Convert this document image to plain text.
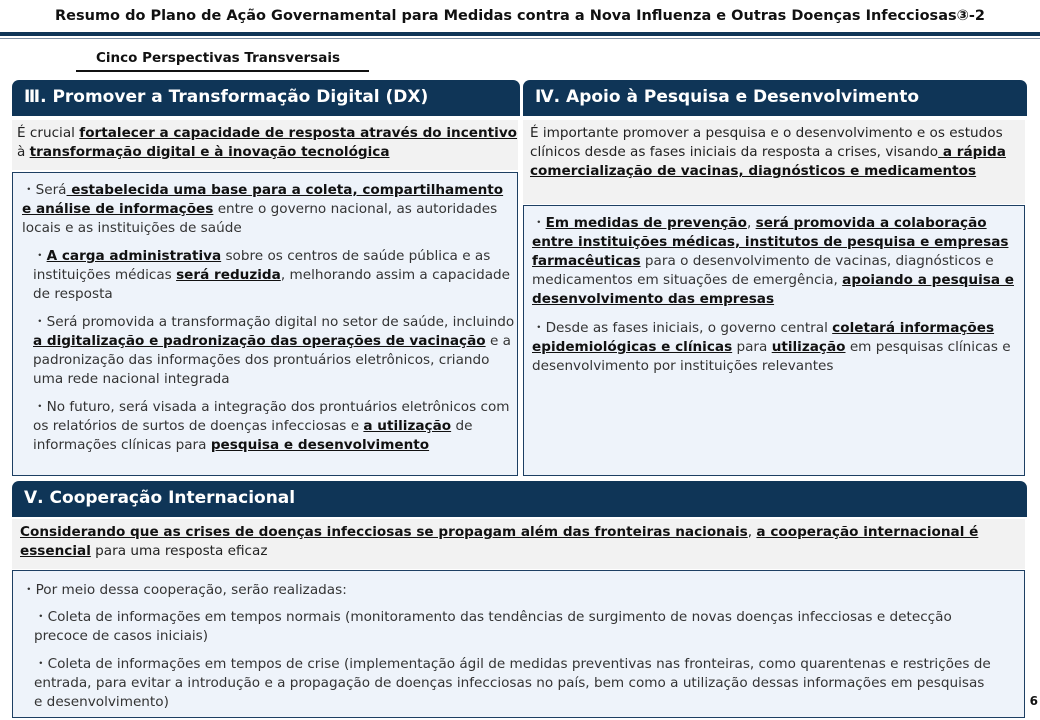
Resumo do Plano de Ação Governamental para Medidas contra a Nova Influenza e Outras Doenças Infecciosas③-2
Cinco Perspectivas Transversais
Ⅲ. Promover a Transformação Digital (DX)
É crucial fortalecer a capacidade de resposta através do incentivo à transformação digital e à inovação tecnológica
・Será estabelecida uma base para a coleta, compartilhamento e análise de informações entre o governo nacional, as autoridades locais e as instituições de saúde
・A carga administrativa sobre os centros de saúde pública e as instituições médicas será reduzida, melhorando assim a capacidade de resposta
・Será promovida a transformação digital no setor de saúde, incluindo a digitalização e padronização das operações de vacinação e a padronização das informações dos prontuários eletrônicos, criando uma rede nacional integrada
・No futuro, será visada a integração dos prontuários eletrônicos com os relatórios de surtos de doenças infecciosas e a utilização de informações clínicas para pesquisa e desenvolvimento
Ⅳ. Apoio à Pesquisa e Desenvolvimento
É importante promover a pesquisa e o desenvolvimento e os estudos clínicos desde as fases iniciais da resposta a crises, visando a rápida comercialização de vacinas, diagnósticos e medicamentos
・Em medidas de prevenção, será promovida a colaboração entre instituições médicas, institutos de pesquisa e empresas farmacêuticas para o desenvolvimento de vacinas, diagnósticos e medicamentos em situações de emergência, apoiando a pesquisa e desenvolvimento das empresas
・Desde as fases iniciais, o governo central coletará informações epidemiológicas e clínicas para utilização em pesquisas clínicas e desenvolvimento por instituições relevantes
Ⅴ. Cooperação Internacional
Considerando que as crises de doenças infecciosas se propagam além das fronteiras nacionais, a cooperação internacional é essencial para uma resposta eficaz
・Por meio dessa cooperação, serão realizadas:
・Coleta de informações em tempos normais (monitoramento das tendências de surgimento de novas doenças infecciosas e detecção precoce de casos iniciais)
・Coleta de informações em tempos de crise (implementação ágil de medidas preventivas nas fronteiras, como quarentenas e restrições de entrada, para evitar a introdução e a propagação de doenças infecciosas no país, bem como a utilização dessas informações em pesquisas e desenvolvimento)	6
